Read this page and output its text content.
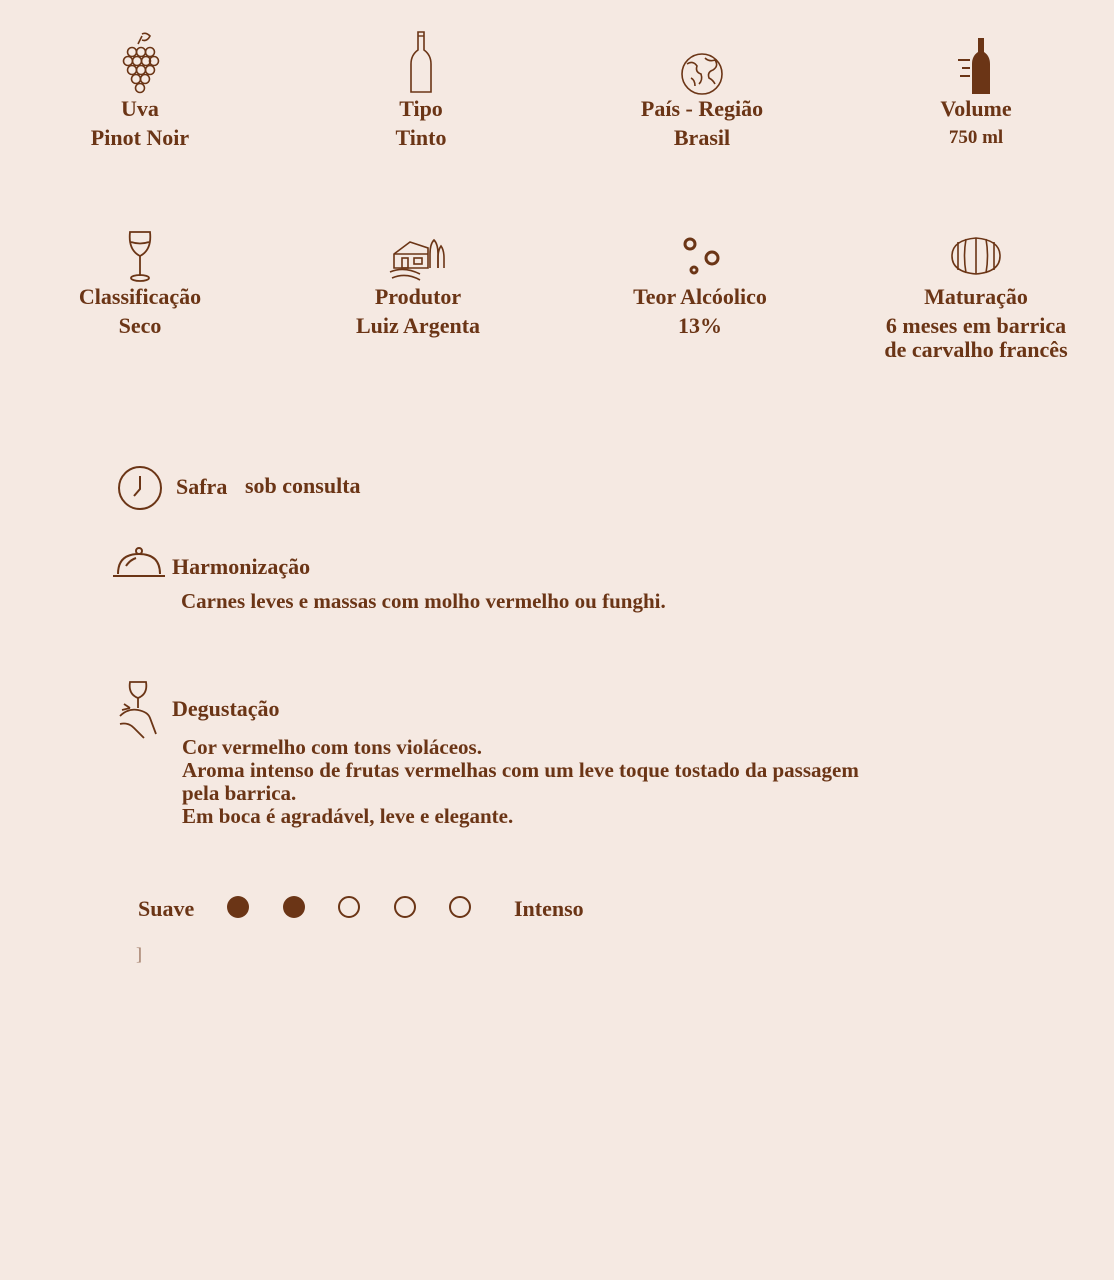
Uva
Pinot Noir
Tipo
Tinto
País - Região
Brasil
Volume
750 ml
Classificação
Seco
Produtor
Luiz Argenta
Teor Alcóolico
13%
Maturação
6 meses em barrica
de carvalho francês
Safra sob consulta
Harmonização
Carnes leves e massas com molho vermelho ou funghi.
Degustação
Cor vermelho com tons violáceos.
Aroma intenso de frutas vermelhas com um leve toque tostado da passagem
pela barrica.
Em boca é agradável, leve e elegante.
Suave	Intenso
]
